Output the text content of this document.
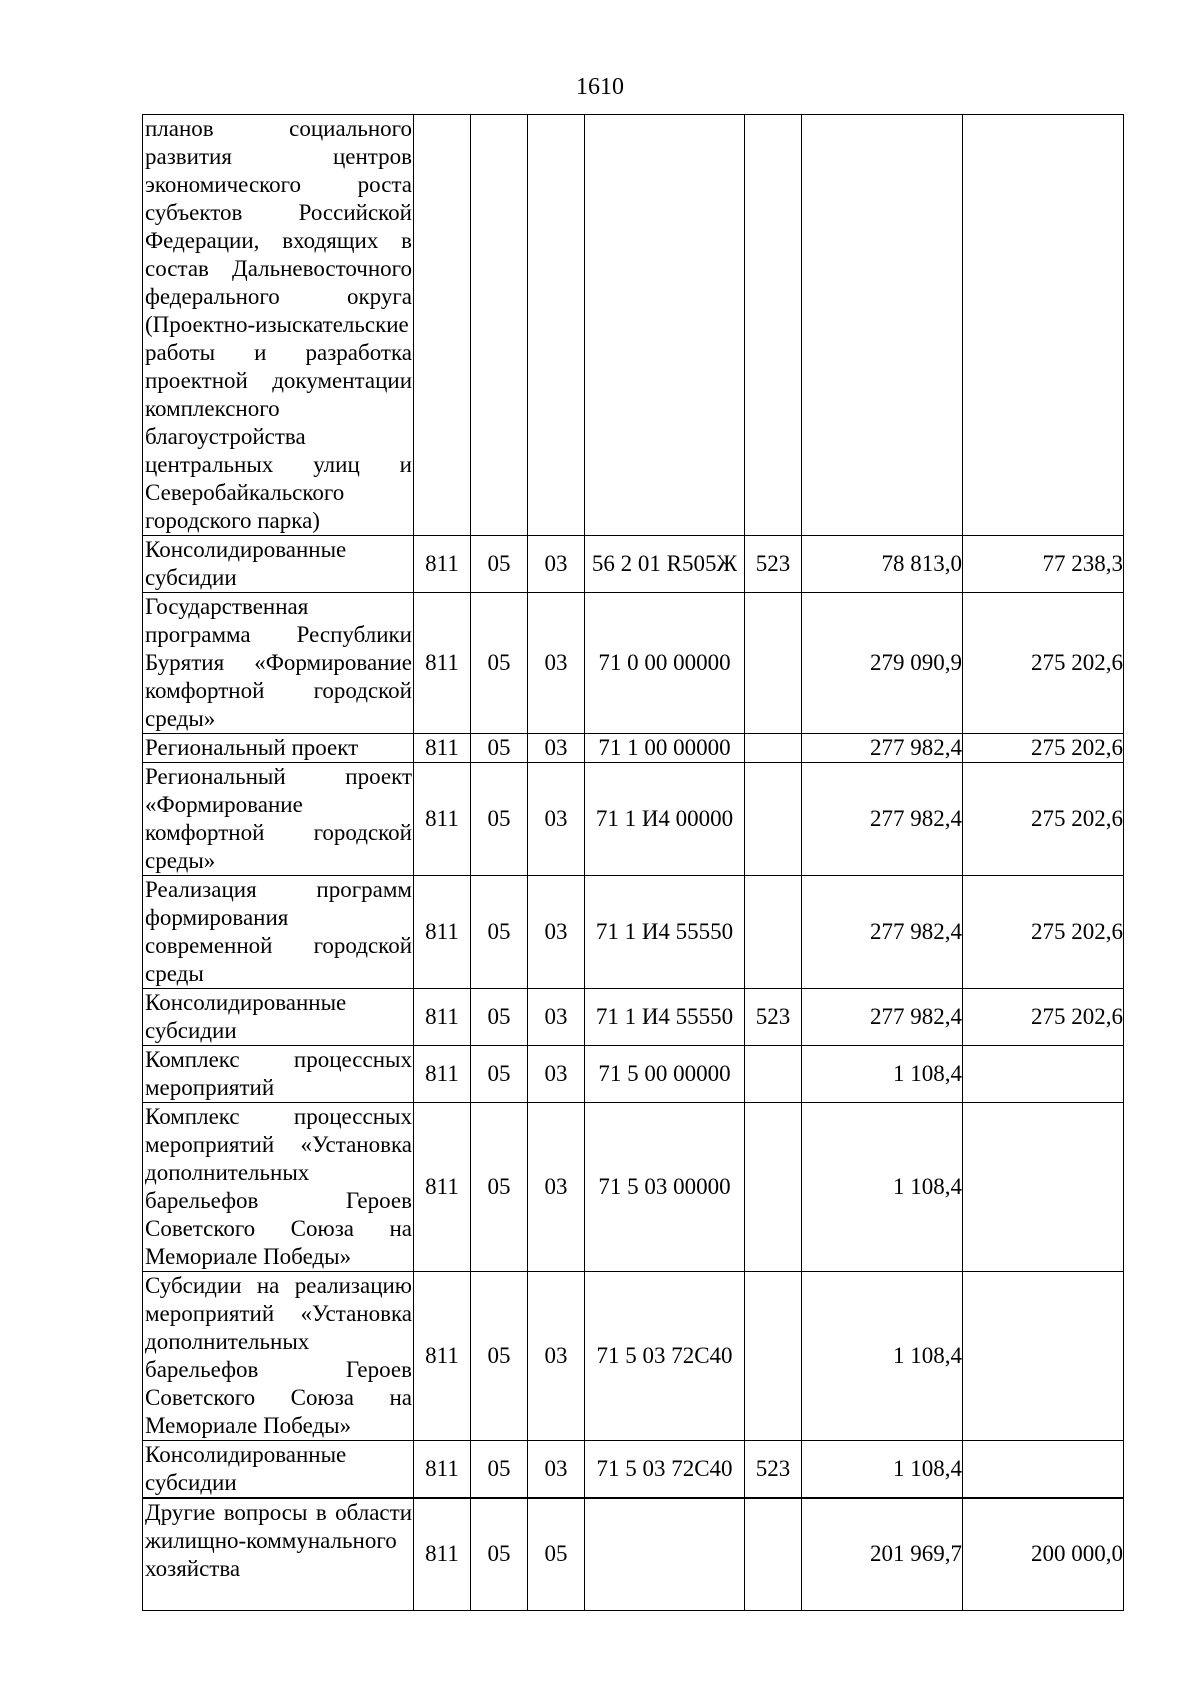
1610
планов социального развития центров экономического роста субъектов Российской Федерации, входящих в состав Дальневосточного федерального округа (Проектно-изыскательские работы и разработка проектной документации комплексного благоустройства центральных улиц и Северобайкальского городского парка)							
Консолидированные субсидии	811	05	03	56 2 01 R505Ж	523	78 813,0	77 238,3
Государственная программа Республики Бурятия «Формирование комфортной городской среды»	811	05	03	71 0 00 00000		279 090,9	275 202,6
Региональный проект	811	05	03	71 1 00 00000		277 982,4	275 202,6
Региональный проект «Формирование комфортной городской среды»	811	05	03	71 1 И4 00000		277 982,4	275 202,6
Реализация программ формирования современной городской среды	811	05	03	71 1 И4 55550		277 982,4	275 202,6
Консолидированные субсидии	811	05	03	71 1 И4 55550	523	277 982,4	275 202,6
Комплекс процессных мероприятий	811	05	03	71 5 00 00000		1 108,4	
Комплекс процессных мероприятий «Установка дополнительных барельефов Героев Советского Союза на Мемориале Победы»	811	05	03	71 5 03 00000		1 108,4	
Субсидии на реализацию мероприятий «Установка дополнительных барельефов Героев Советского Союза на Мемориале Победы»	811	05	03	71 5 03 72С40		1 108,4	
Консолидированные субсидии	811	05	03	71 5 03 72С40	523	1 108,4	
Другие вопросы в области жилищно-коммунального хозяйства	811	05	05			201 969,7	200 000,0
